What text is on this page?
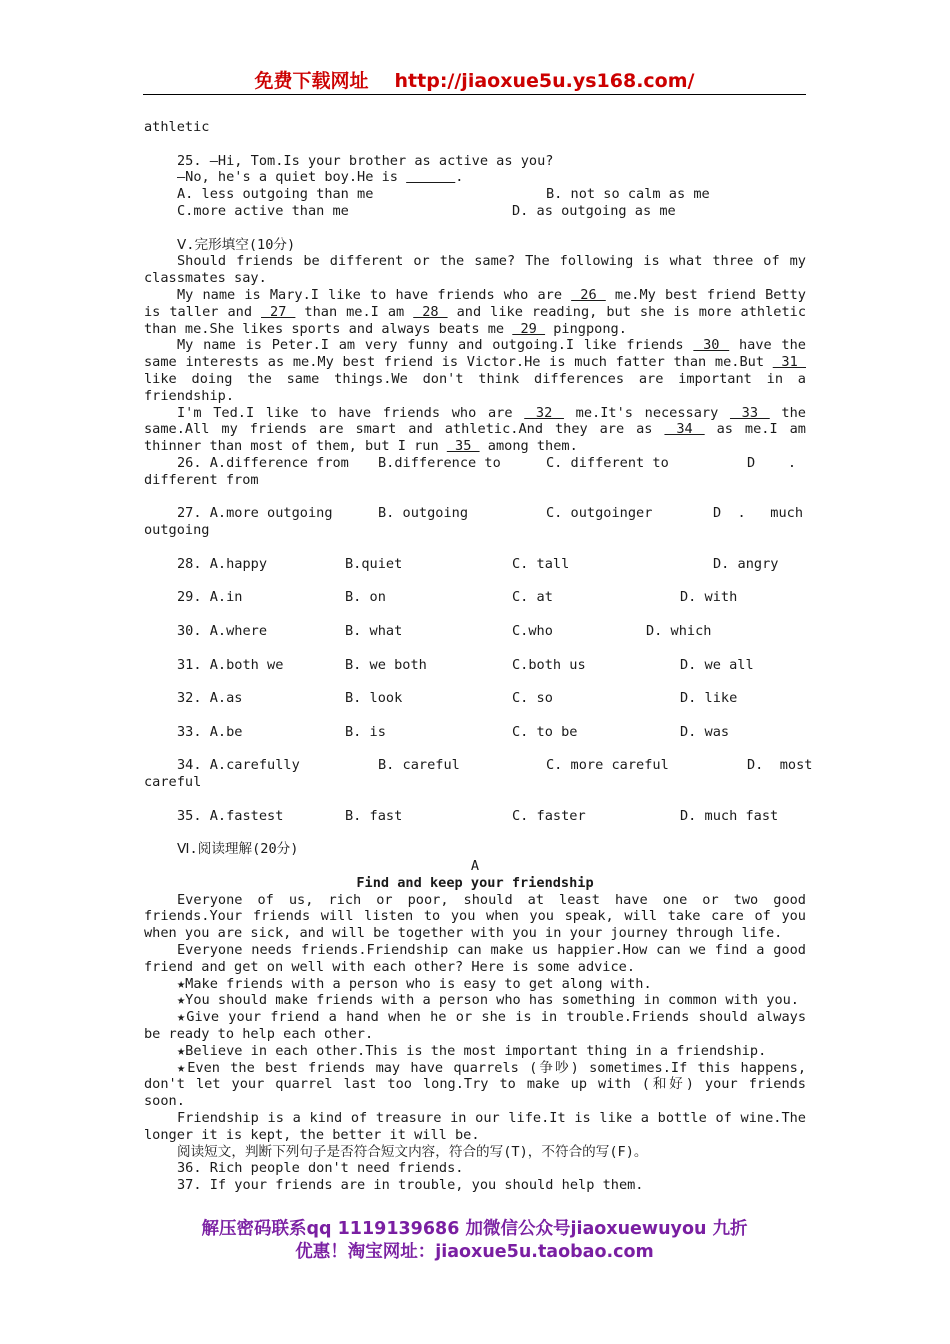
免费下载网址 http://jiaoxue5u.ys168.com/

athletic

25. —Hi, Tom.Is your brother as active as you?

—No, he's a quiet boy.He is	.

A. less outgoing than me	B. not so calm as me
C.more active than me	D. as outgoing as me

Ⅴ.完形填空(10分)

Should friends be different or the same? The following is what three of my classmates say.

My name is Mary.I like to have friends who are  26  me.My best friend Betty is taller and  27  than me.I am  28  and like reading, but she is more athletic than me.She likes sports and always beats me  29  pingpong.

My name is Peter.I am very funny and outgoing.I like friends  30  have the same interests as me.My best friend is Victor.He is much fatter than me.But  31  like doing the same things.We don't think differences are important in a friendship.

I'm Ted.I like to have friends who are  32  me.It's necessary  33  the same.All my friends are smart and athletic.And they are as  34  as me.I am thinner than most of them, but I run  35  among them.

26. A.difference from B.difference to	C. different to	D    .
different from
27. A.more outgoing	B. outgoing	C. outgoinger	D  .   much
outgoing
28. A.happy	B.quiet	C. tall	D. angry
29. A.in	B. on	C. at	D. with
30. A.where	B. what	C.who	D. which
31. A.both we	B. we both	C.both us	D. we all
32. A.as	B. look	C. so	D. like
33. A.be	B. is	C. to be	D. was
34. A.carefully	B. careful	C. more careful	D.  most
careful
35. A.fastest	B. fast	C. faster	D. much fast

Ⅵ.阅读理解(20分)

A

Find and keep your friendship

Everyone of us, rich or poor, should at least have one or two good friends.Your friends will listen to you when you speak, will take care of you when you are sick, and will be together with you in your journey through life.

Everyone needs friends.Friendship can make us happier.How can we find a good friend and get on well with each other? Here is some advice.

★Make friends with a person who is easy to get along with.

★You should make friends with a person who has something in common with you.

★Give your friend a hand when he or she is in trouble.Friends should always be ready to help each other.

★Believe in each other.This is the most important thing in a friendship.

★Even the best friends may have quarrels (争吵) sometimes.If this happens, don't let your quarrel last too long.Try to make up with (和好) your friends soon.

Friendship is a kind of treasure in our life.It is like a bottle of wine.The longer it is kept, the better it will be.

阅读短文，判断下列句子是否符合短文内容，符合的写(T)，不符合的写(F)。

36. Rich people don't need friends.

37. If your friends are in trouble, you should help them.

解压密码联系qq 1119139686 加微信公众号jiaoxuewuyou 九折
优惠！淘宝网址：jiaoxue5u.taobao.com
